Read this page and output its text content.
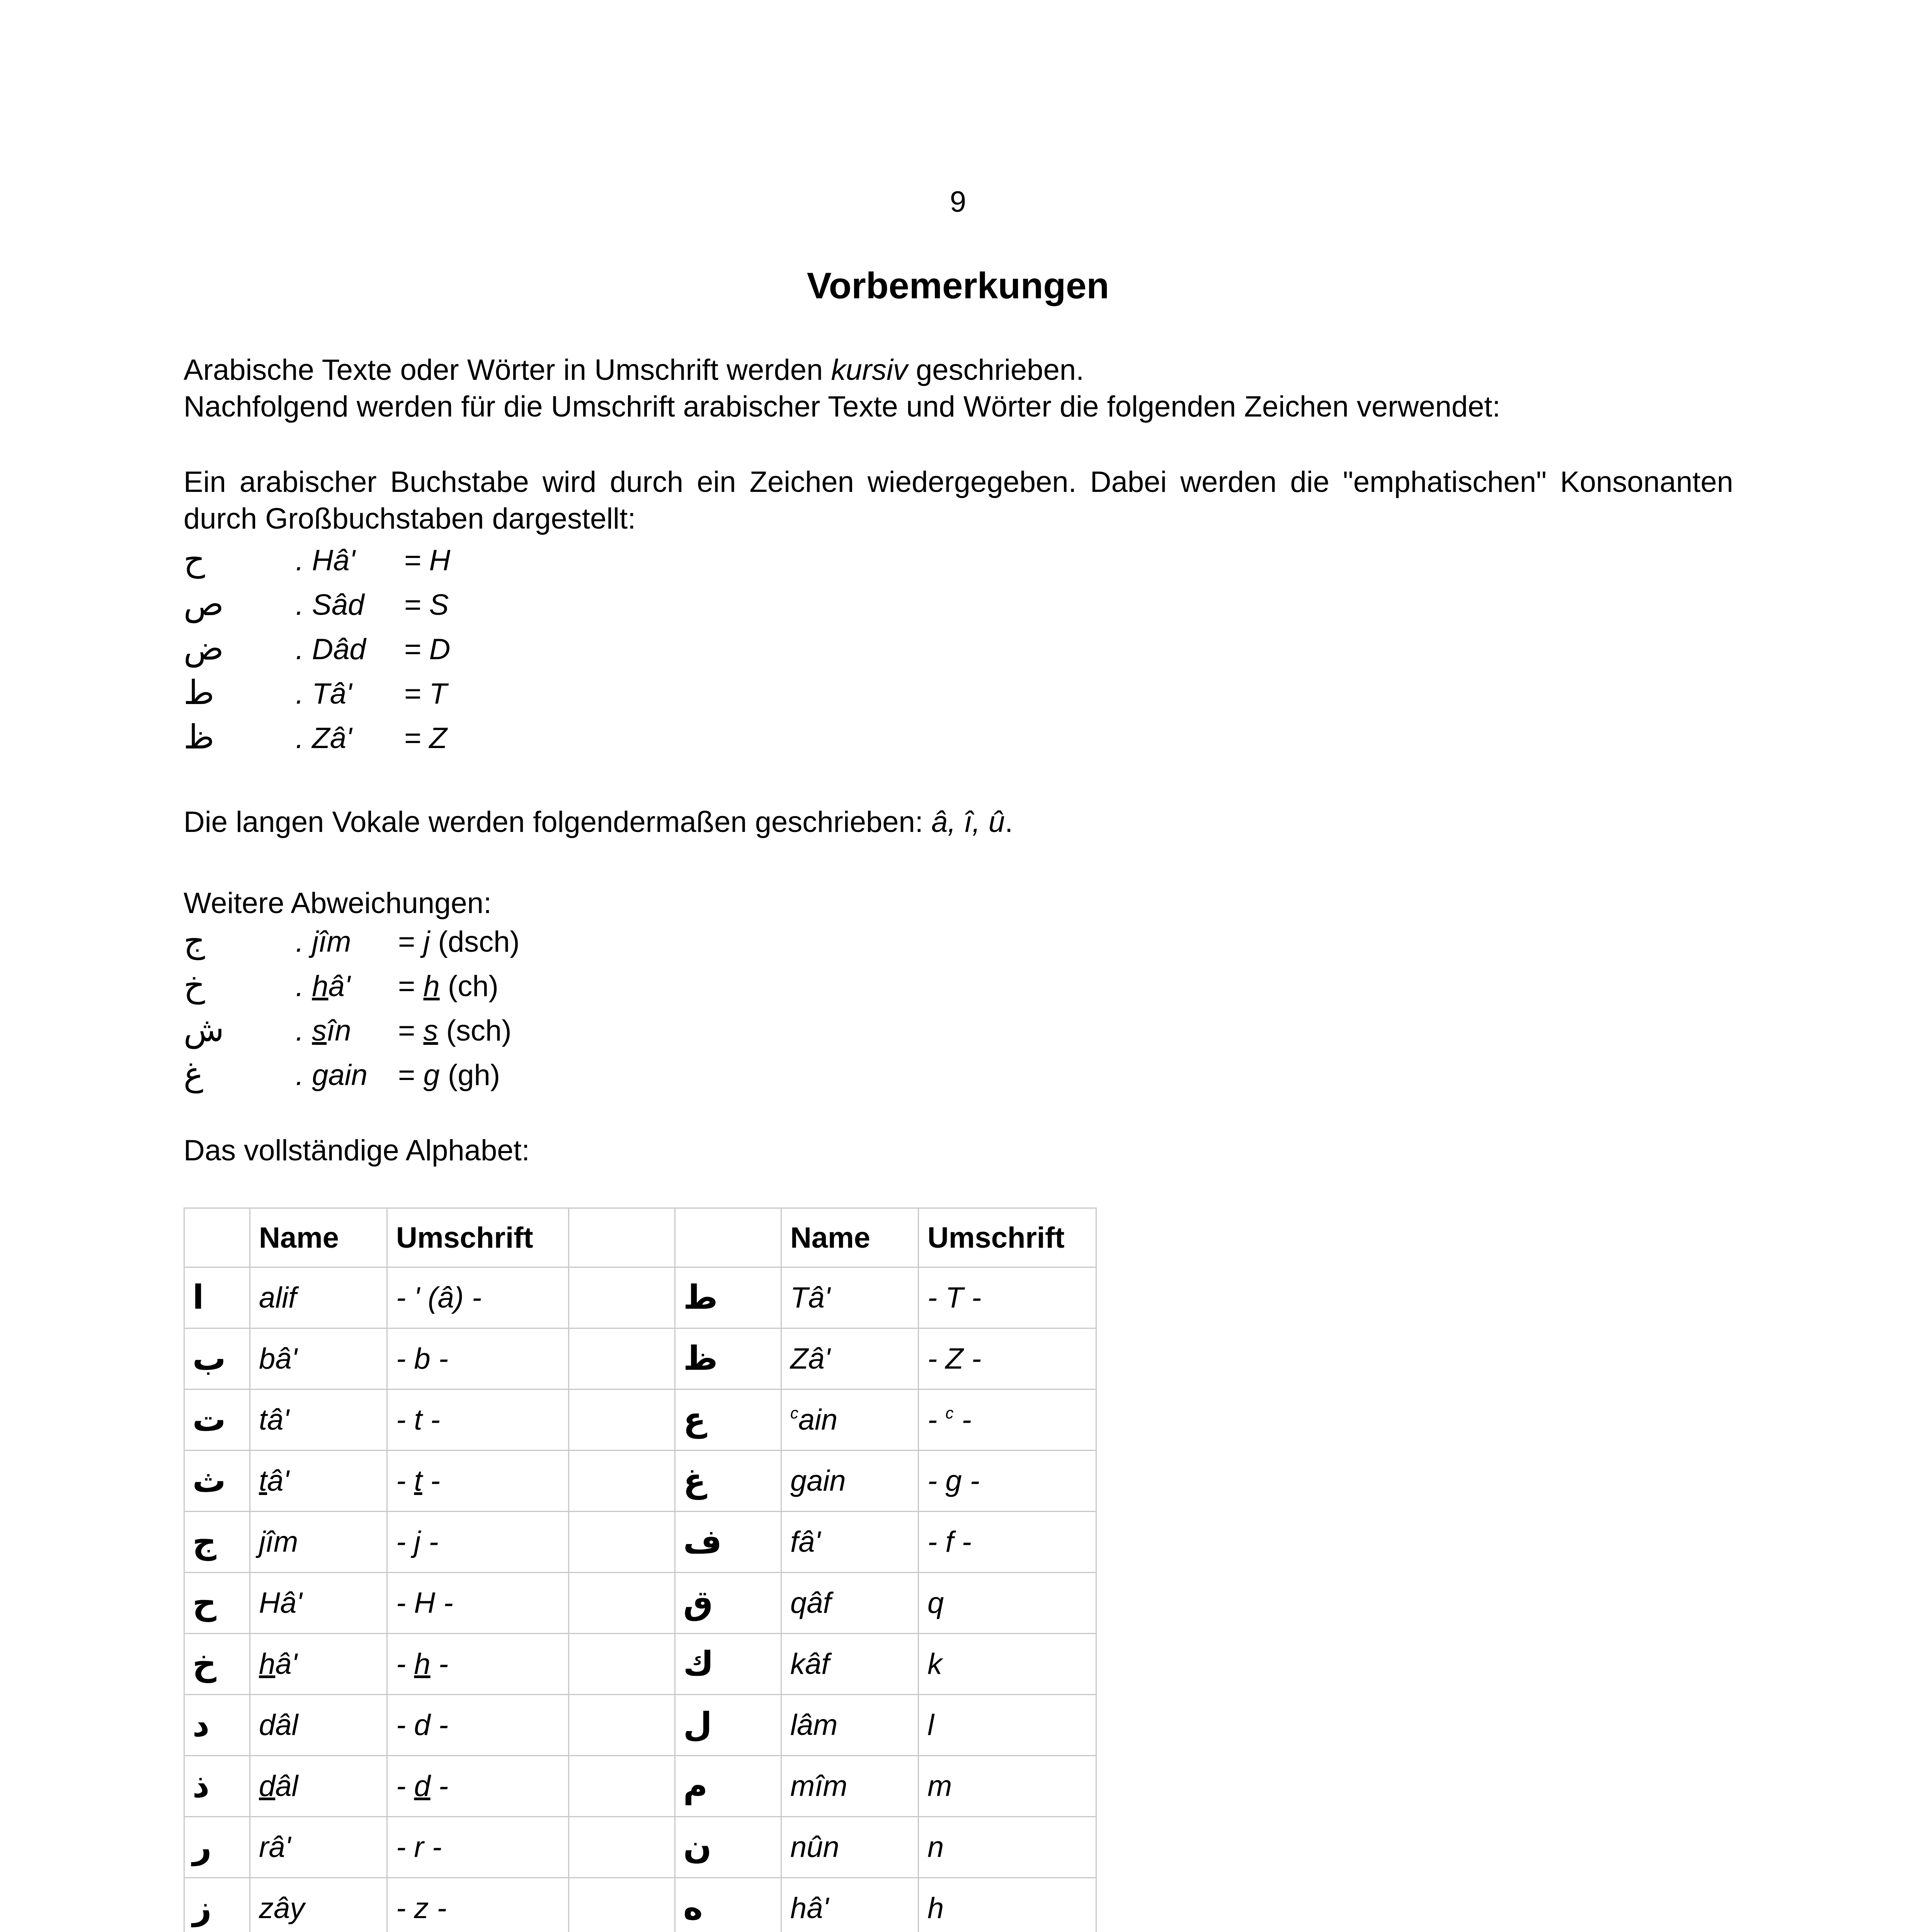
9
Vorbemerkungen

Arabische Texte oder Wörter in Umschrift werden kursiv geschrieben.
Nachfolgend werden für die Umschrift arabischer Texte und Wörter die folgenden Zeichen verwendet:

Ein arabischer Buchstabe wird durch ein Zeichen wiedergegeben. Dabei werden die "emphatischen" Konsonanten durch Großbuchstaben dargestellt:

ح	. Hâ' = H
ص . Sâd = S
ض . Dâd = D
ط	. Tâ' = T
ظ	. Zâ' = Z

Die langen Vokale werden folgendermaßen geschrieben: â, î, û.

Weitere Abweichungen:

ج	. jîm = j (dsch)
خ	. hâ' = h (ch)
ش . sîn = s (sch)
غ	. gain = g (gh)

Das vollständige Alphabet:

	Name	Umschrift			Name	Umschrift
ا	alif	- ' (â) -		ط	Tâ'	- T -
ب	bâ'	- b -		ظ	Zâ'	- Z -
ت	tâ'	- t -		ع	$^c$ain	- $^c$ -
ث	tâ'	- t -		غ	gain	- g -
ج	jîm	- j -		ف	fâ'	- f -
ح	Hâ'	- H -		ق	qâf	q
خ	hâ'	- h -		ك	kâf	k
د	dâl	- d -		ل	lâm	l
ذ	dâl	- d -		م	mîm	m
ر	râ'	- r -		ن	nûn	n
ز	zây	- z -		ه	hâ'	h
